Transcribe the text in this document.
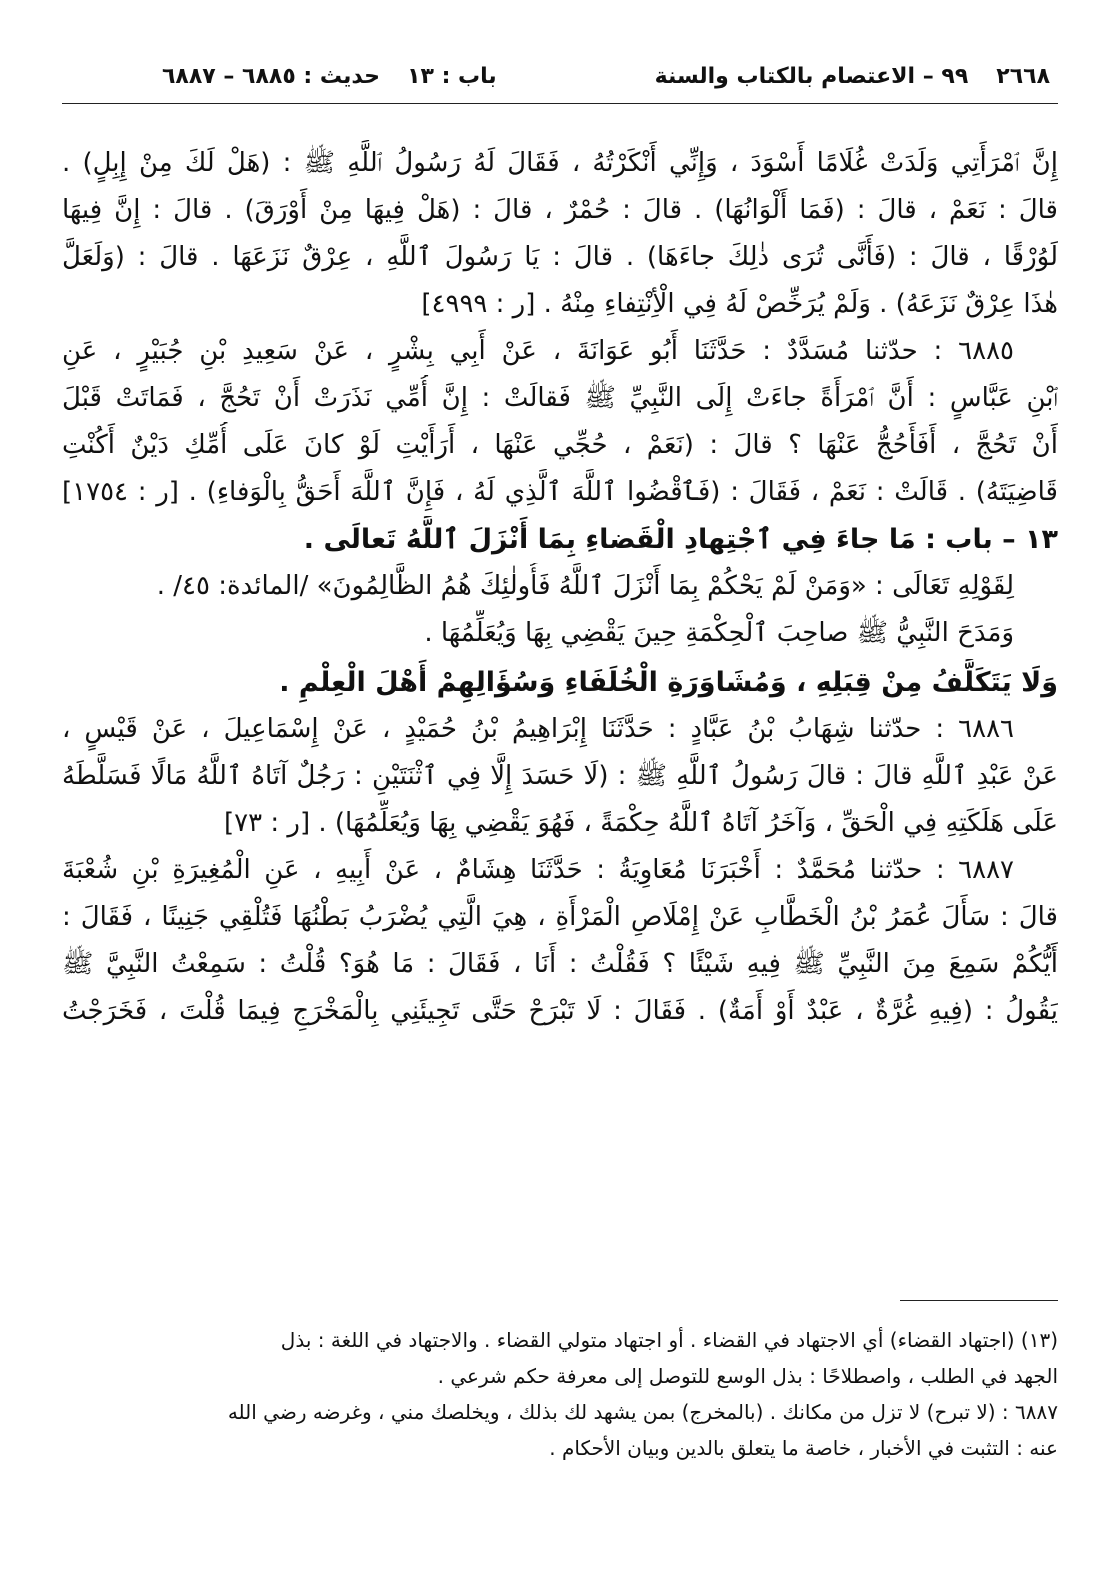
٢٦٦٨
٩٩ – الاعتصام بالكتاب والسنة
باب : ١٣
حديث : ٦٨٨٥ – ٦٨٨٧
إِنَّ ٱمْرَأَتِي وَلَدَتْ غُلَامًا أَسْوَدَ ، وَإِنِّي أَنْكَرْتُهُ ، فَقَالَ لَهُ رَسُولُ ٱللَّهِ ﷺ : (هَلْ لَكَ مِنْ إِبِلٍ) .
قالَ : نَعَمْ ، قالَ : (فَمَا أَلْوَانُهَا) . قالَ : حُمْرٌ ، قالَ : (هَلْ فِيهَا مِنْ أَوْرَقَ) . قالَ : إِنَّ فِيهَا
لَوُرْقًا ، قالَ : (فَأَنَّى تُرَى ذٰلِكَ جاءَهَا) . قالَ : يَا رَسُولَ ٱللَّهِ ، عِرْقٌ نَزَعَهَا . قالَ : (وَلَعَلَّ
هٰذَا عِرْقٌ نَزَعَهُ) . وَلَمْ يُرَخِّصْ لَهُ فِي الْأِنْتِفاءِ مِنْهُ . [ر : ٤٩٩٩]
٦٨٨٥ : حدّثنا مُسَدَّدٌ : حَدَّثَنَا أَبُو عَوَانَةَ ، عَنْ أَبِي بِشْرٍ ، عَنْ سَعِيدِ بْنِ جُبَيْرٍ ، عَنِ
ٱبْنِ عَبَّاسٍ : أَنَّ ٱمْرَأَةً جاءَتْ إِلَى النَّبِيِّ ﷺ فَقالَتْ : إِنَّ أُمِّي نَذَرَتْ أَنْ تَحُجَّ ، فَمَاتَتْ قَبْلَ
أَنْ تَحُجَّ ، أَفَأَحُجُّ عَنْهَا ؟ قالَ : (نَعَمْ ، حُجِّي عَنْهَا ، أَرَأَيْتِ لَوْ كانَ عَلَى أُمِّكِ دَيْنٌ أَكُنْتِ
قَاضِيَتَهُ) . قَالَتْ : نَعَمْ ، فَقَالَ : (فَٱقْضُوا ٱللَّهَ ٱلَّذِي لَهُ ، فَإِنَّ ٱللَّهَ أَحَقُّ بِالْوَفاءِ) . [ر : ١٧٥٤]
١٣ – باب : مَا جاءَ فِي ٱجْتِهادِ الْقَضاءِ بِمَا أَنْزَلَ ٱللَّهُ تَعالَى .
لِقَوْلِهِ تَعَالَى : «وَمَنْ لَمْ يَحْكُمْ بِمَا أَنْزَلَ ٱللَّهُ فَأُولٰئِكَ هُمُ الظَّالِمُونَ» /المائدة: ٤٥/ .
وَمَدَحَ النَّبِيُّ ﷺ صاحِبَ ٱلْحِكْمَةِ حِينَ يَقْضِي بِهَا وَيُعَلِّمُهَا .
وَلَا يَتَكَلَّفُ مِنْ قِبَلِهِ ، وَمُشَاوَرَةِ الْخُلَفَاءِ وَسُؤَالِهِمْ أَهْلَ الْعِلْمِ .
٦٨٨٦ : حدّثنا شِهَابُ بْنُ عَبَّادٍ : حَدَّثَنَا إِبْرَاهِيمُ بْنُ حُمَيْدٍ ، عَنْ إِسْمَاعِيلَ ، عَنْ قَيْسٍ ،
عَنْ عَبْدِ ٱللَّهِ قالَ : قالَ رَسُولُ ٱللَّهِ ﷺ : (لَا حَسَدَ إِلَّا فِي ٱثْنَتَيْنِ : رَجُلٌ آتَاهُ ٱللَّهُ مَالًا فَسَلَّطَهُ
عَلَى هَلَكَتِهِ فِي الْحَقِّ ، وَآخَرُ آتَاهُ ٱللَّهُ حِكْمَةً ، فَهُوَ يَقْضِي بِهَا وَيُعَلِّمُهَا) . [ر : ٧٣]
٦٨٨٧ : حدّثنا مُحَمَّدٌ : أَخْبَرَنَا مُعَاوِيَةُ : حَدَّثَنَا هِشَامٌ ، عَنْ أَبِيهِ ، عَنِ الْمُغِيرَةِ بْنِ شُعْبَةَ
قالَ : سَأَلَ عُمَرُ بْنُ الْخَطَّابِ عَنْ إِمْلَاصِ الْمَرْأَةِ ، هِيَ الَّتِي يُضْرَبُ بَطْنُهَا فَتُلْقِي جَنِينًا ، فَقَالَ :
أَيُّكُمْ سَمِعَ مِنَ النَّبِيِّ ﷺ فِيهِ شَيْئًا ؟ فَقُلْتُ : أَنَا ، فَقَالَ : مَا هُوَ؟ قُلْتُ : سَمِعْتُ النَّبِيَّ ﷺ
يَقُولُ : (فِيهِ غُرَّةٌ ، عَبْدٌ أَوْ أَمَةٌ) . فَقَالَ : لَا تَبْرَحْ حَتَّى تَجِيئَنِي بِالْمَخْرَجِ فِيمَا قُلْتَ ، فَخَرَجْتُ
(١٣) (اجتهاد القضاء) أي الاجتهاد في القضاء . أو اجتهاد متولي القضاء . والاجتهاد في اللغة : بذل
الجهد في الطلب ، واصطلاحًا : بذل الوسع للتوصل إلى معرفة حكم شرعي .
٦٨٨٧ : (لا تبرح) لا تزل من مكانك . (بالمخرج) بمن يشهد لك بذلك ، ويخلصك مني ، وغرضه رضي الله
عنه : التثبت في الأخبار ، خاصة ما يتعلق بالدين وبيان الأحكام .
